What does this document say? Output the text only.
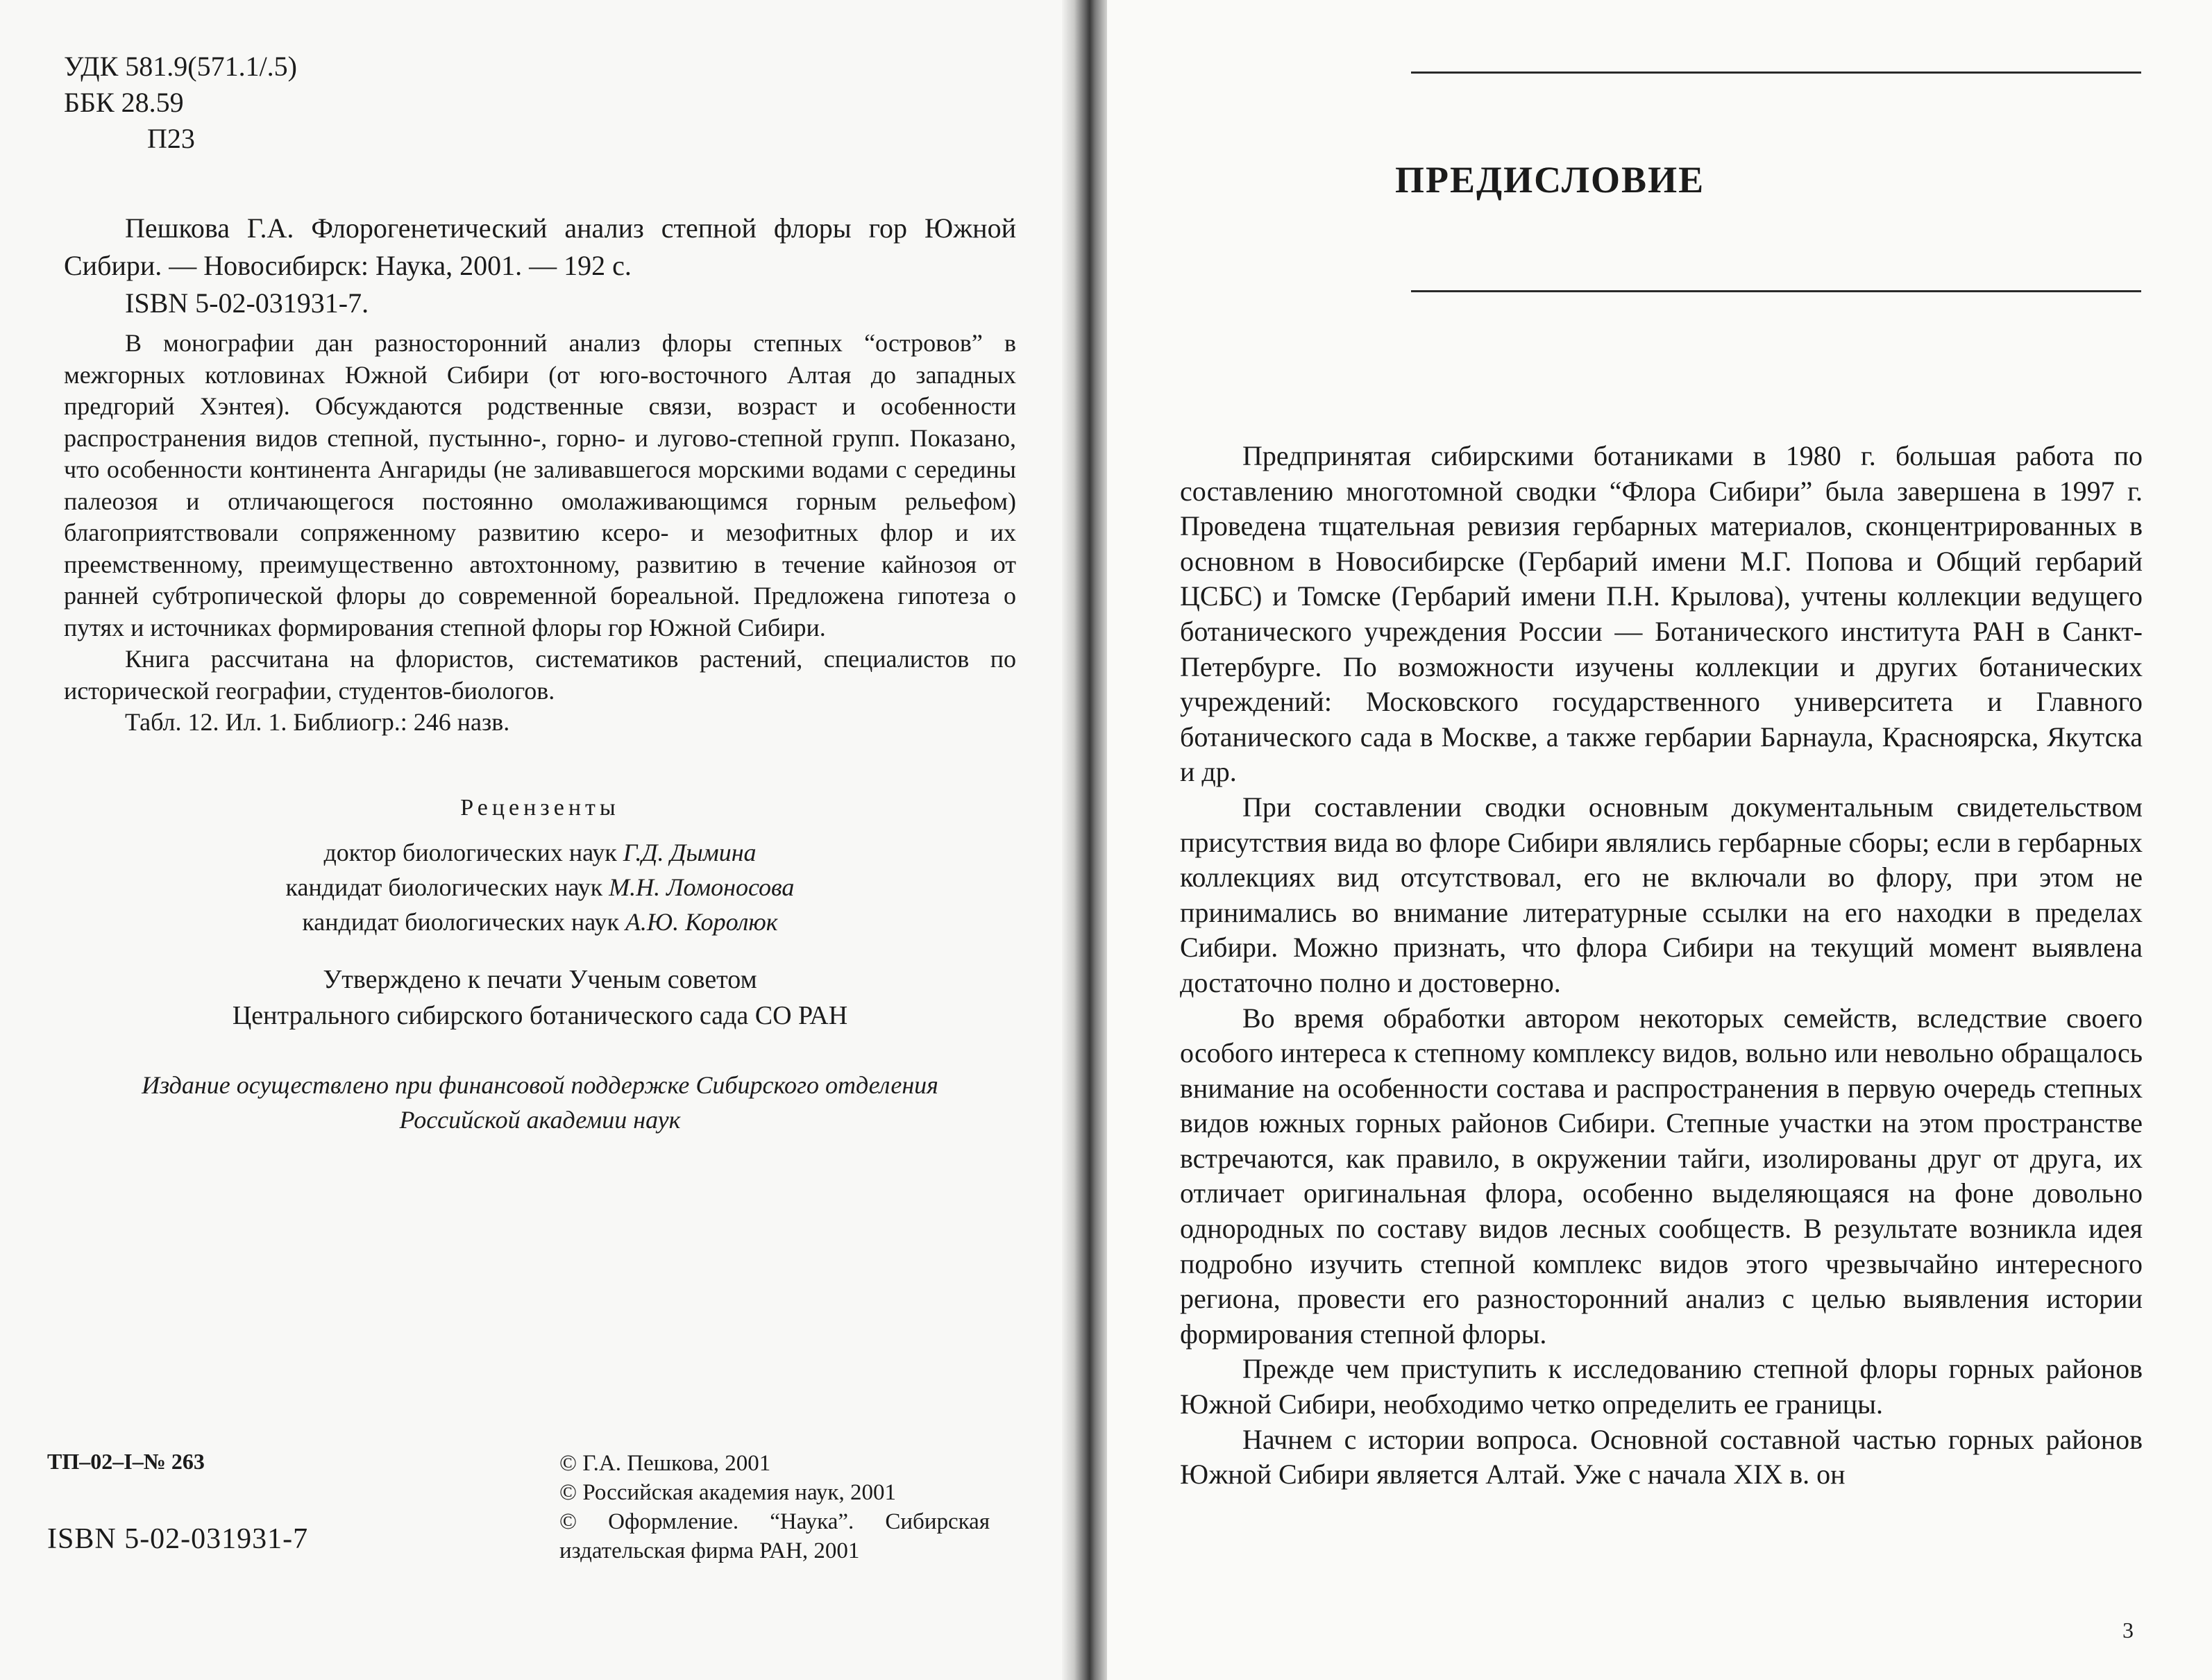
УДК 581.9(571.1/.5)
ББК 28.59
П23

Пешкова Г.А. Флорогенетический анализ степной флоры гор Южной Сибири. — Новосибирск: Наука, 2001. — 192 с.

ISBN 5-02-031931-7.

В монографии дан разносторонний анализ флоры степных “островов” в межгорных котловинах Южной Сибири (от юго-восточного Алтая до западных предгорий Хэнтея). Обсуждаются родственные связи, возраст и особенности распространения видов степной, пустынно-, горно- и лугово-степной групп. Показано, что особенности континента Ангариды (не заливавшегося морскими водами с середины палеозоя и отличающегося постоянно омолаживающимся горным рельефом) благоприятствовали сопряженному развитию ксеро- и мезофитных флор и их преемственному, преимущественно автохтонному, развитию в течение кайнозоя от ранней субтропической флоры до современной бореальной. Предложена гипотеза о путях и источниках формирования степной флоры гор Южной Сибири.

Книга рассчитана на флористов, систематиков растений, специалистов по исторической географии, студентов-биологов.

Табл. 12. Ил. 1. Библиогр.: 246 назв.

Рецензенты
доктор биологических наук Г.Д. Дымина
кандидат биологических наук М.Н. Ломоносова
кандидат биологических наук А.Ю. Королюк
Утверждено к печати Ученым советом
Центрального сибирского ботанического сада СО РАН
Издание осуществлено при финансовой поддержке Сибирского отделения
Российской академии наук
ТП–02–I–№ 263
ISBN 5-02-031931-7
© Г.А. Пешкова, 2001
© Российская академия наук, 2001
© Оформление. “Наука”. Сибирская издательская фирма РАН, 2001
ПРЕДИСЛОВИЕ

Предпринятая сибирскими ботаниками в 1980 г. большая работа по составлению многотомной сводки “Флора Сибири” была завершена в 1997 г. Проведена тщательная ревизия гербарных материалов, сконцентрированных в основном в Новосибирске (Гербарий имени М.Г. Попова и Общий гербарий ЦСБС) и Томске (Гербарий имени П.Н. Крылова), учтены коллекции ведущего ботанического учреждения России — Ботанического института РАН в Санкт-Петербурге. По возможности изучены коллекции и других ботанических учреждений: Московского государственного университета и Главного ботанического сада в Москве, а также гербарии Барнаула, Красноярска, Якутска и др.

При составлении сводки основным документальным свидетельством присутствия вида во флоре Сибири являлись гербарные сборы; если в гербарных коллекциях вид отсутствовал, его не включали во флору, при этом не принимались во внимание литературные ссылки на его находки в пределах Сибири. Можно признать, что флора Сибири на текущий момент выявлена достаточно полно и достоверно.

Во время обработки автором некоторых семейств, вследствие своего особого интереса к степному комплексу видов, вольно или невольно обращалось внимание на особенности состава и распространения в первую очередь степных видов южных горных районов Сибири. Степные участки на этом пространстве встречаются, как правило, в окружении тайги, изолированы друг от друга, их отличает оригинальная флора, особенно выделяющаяся на фоне довольно однородных по составу видов лесных сообществ. В результате возникла идея подробно изучить степной комплекс видов этого чрезвычайно интересного региона, провести его разносторонний анализ с целью выявления истории формирования степной флоры.

Прежде чем приступить к исследованию степной флоры горных районов Южной Сибири, необходимо четко определить ее границы.

Начнем с истории вопроса. Основной составной частью горных районов Южной Сибири является Алтай. Уже с начала XIX в. он

3
